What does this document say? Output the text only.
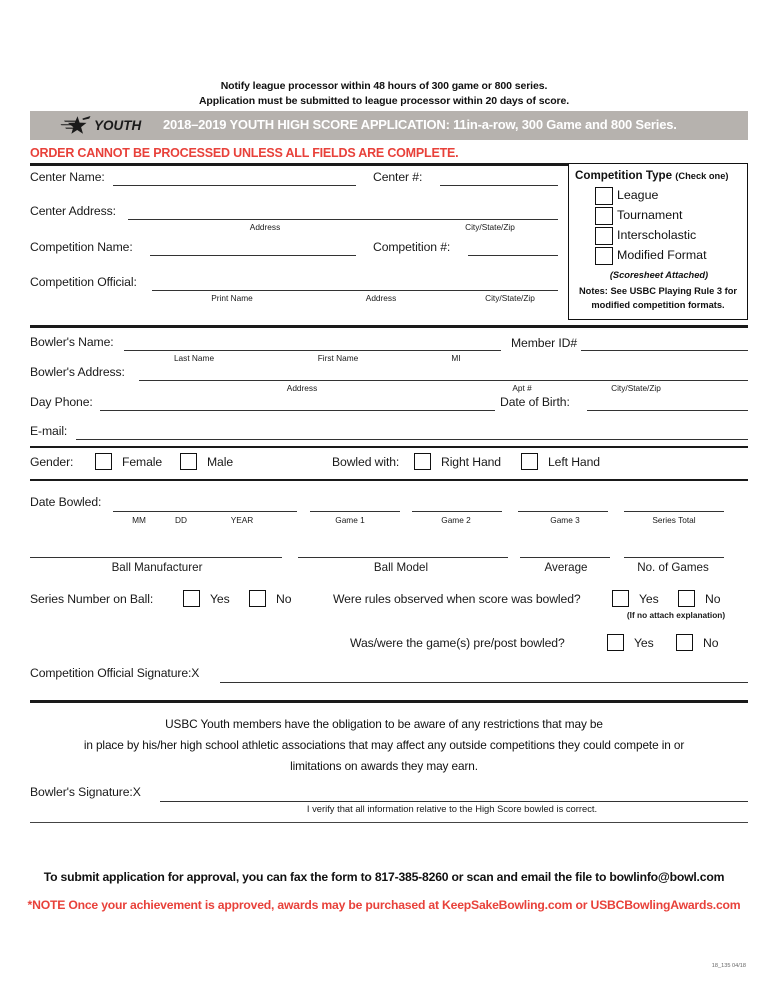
Notify league processor within 48 hours of 300 game or 800 series.
Application must be submitted to league processor within 20 days of score.
YOUTH 2018–2019 YOUTH HIGH SCORE APPLICATION: 11in-a-row, 300 Game and 800 Series.
ORDER CANNOT BE PROCESSED UNLESS ALL FIELDS ARE COMPLETE.
Center Name:	Center #:
Center Address:
Address	City/State/Zip
Competition Name:	Competition #:
Competition Official:
Print Name	Address	City/State/Zip
Competition Type (Check one)
League
Tournament
Interscholastic
Modified Format
(Scoresheet Attached)
Notes: See USBC Playing Rule 3 for
modified competition formats.
Bowler's Name:
Last Name	First Name	MI
Member ID#
Bowler's Address:
Address	Apt #	City/State/Zip
Day Phone:	Date of Birth:
E-mail:
Gender:	Female	Male	Bowled with:	Right Hand	Left Hand
Date Bowled:
MM	DD	YEAR	Game 1	Game 2	Game 3	Series Total
Ball Manufacturer	Ball Model	Average	No. of Games
Series Number on Ball:	Yes	No	Were rules observed when score was bowled?	Yes	No
(If no attach explanation)
Was/were the game(s) pre/post bowled?	Yes	No
Competition Official Signature:X
USBC Youth members have the obligation to be aware of any restrictions that may be
in place by his/her high school athletic associations that may affect any outside competitions they could compete in or
limitations on awards they may earn.
Bowler's Signature:X
I verify that all information relative to the High Score bowled is correct.
To submit application for approval, you can fax the form to 817-385-8260 or scan and email the file to bowlinfo@bowl.com
*NOTE Once your achievement is approved, awards may be purchased at KeepSakeBowling.com or USBCBowlingAwards.com
18_135 04/18
